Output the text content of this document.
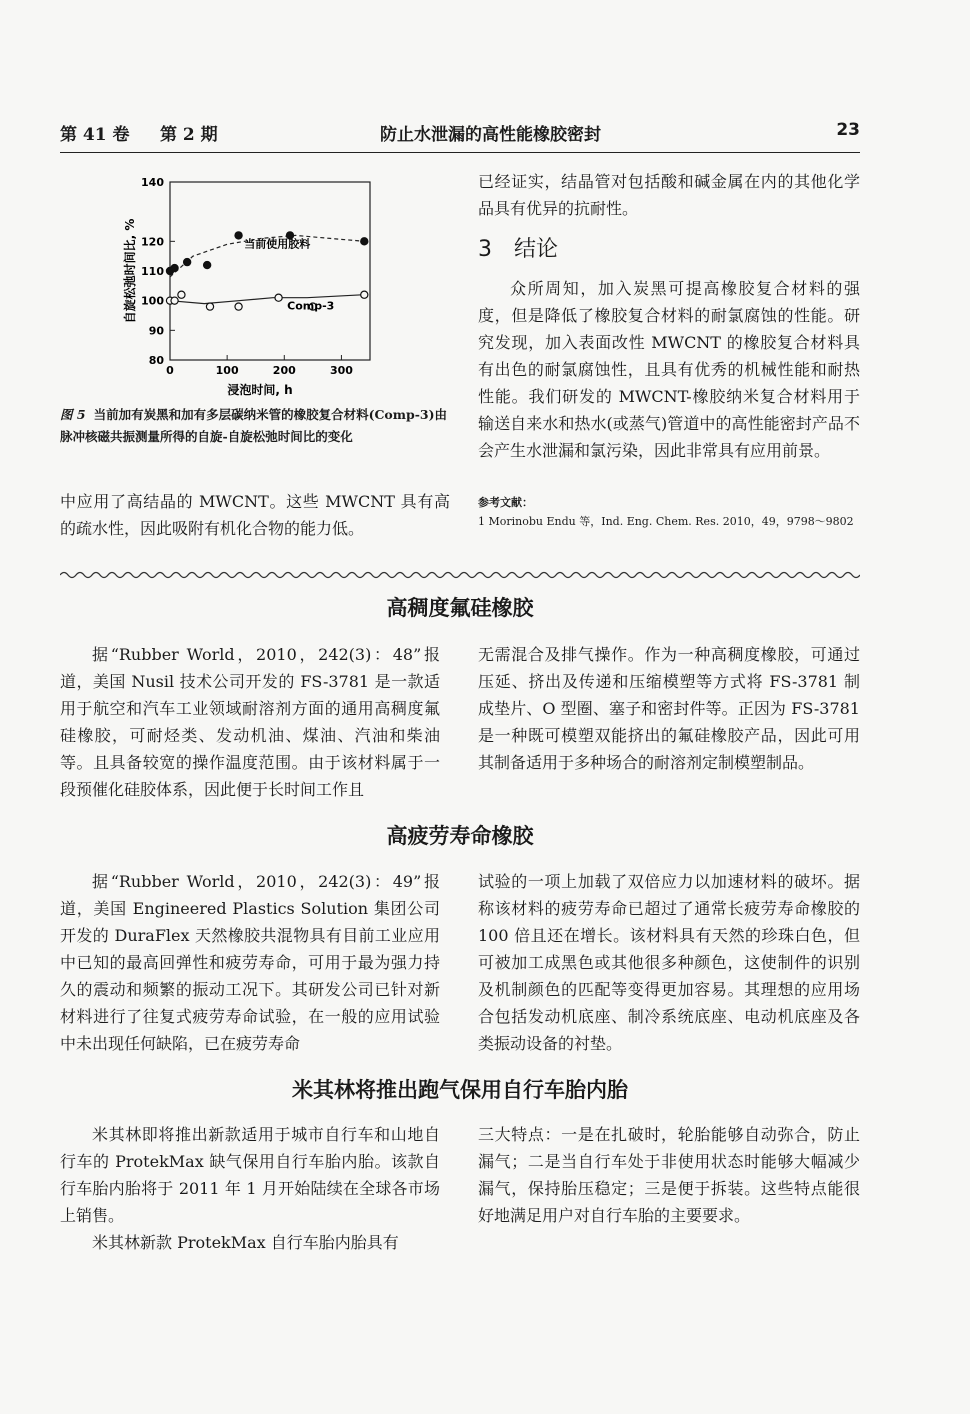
第 41 卷 第 2 期	防止水泄漏的高性能橡胶密封	23
80
90
100
110
120
140
0	100	200	300
浸泡时间, h
自旋松弛时间比, %	当前使用胶料
Comp-3
图 5 当前加有炭黑和加有多层碳纳米管的橡胶复合材料(Comp-3)由脉冲核磁共振测量所得的自旋-自旋松弛时间比的变化

中应用了高结晶的 MWCNT。这些 MWCNT 具有高的疏水性，因此吸附有机化合物的能力低。

已经证实，结晶管对包括酸和碱金属在内的其他化学品具有优异的抗耐性。

3　结论

众所周知，加入炭黑可提高橡胶复合材料的强度，但是降低了橡胶复合材料的耐氯腐蚀的性能。研究发现，加入表面改性 MWCNT 的橡胶复合材料具有出色的耐氯腐蚀性，且具有优秀的机械性能和耐热性能。我们研发的 MWCNT-橡胶纳米复合材料用于输送自来水和热水(或蒸气)管道中的高性能密封产品不会产生水泄漏和氯污染，因此非常具有应用前景。

参考文献：
1 Morinobu Endu 等，Ind. Eng. Chem. Res. 2010，49，9798～9802
高稠度氟硅橡胶

据“Rubber World，2010，242(3)：48”报道，美国 Nusil 技术公司开发的 FS-3781 是一款适用于航空和汽车工业领域耐溶剂方面的通用高稠度氟硅橡胶，可耐烃类、发动机油、煤油、汽油和柴油等。且具备较宽的操作温度范围。由于该材料属于一段预催化硅胶体系，因此便于长时间工作且

无需混合及排气操作。作为一种高稠度橡胶，可通过压延、挤出及传递和压缩模塑等方式将 FS-3781 制成垫片、O 型圈、塞子和密封件等。正因为 FS-3781 是一种既可模塑双能挤出的氟硅橡胶产品，因此可用其制备适用于多种场合的耐溶剂定制模塑制品。

高疲劳寿命橡胶

据“Rubber World，2010，242(3)：49”报道，美国 Engineered Plastics Solution 集团公司开发的 DuraFlex 天然橡胶共混物具有目前工业应用中已知的最高回弹性和疲劳寿命，可用于最为强力持久的震动和频繁的振动工况下。其研发公司已针对新材料进行了往复式疲劳寿命试验，在一般的应用试验中未出现任何缺陷，已在疲劳寿命

试验的一项上加载了双倍应力以加速材料的破坏。据称该材料的疲劳寿命已超过了通常长疲劳寿命橡胶的 100 倍且还在增长。该材料具有天然的珍珠白色，但可被加工成黑色或其他很多种颜色，这使制件的识别及机制颜色的匹配等变得更加容易。其理想的应用场合包括发动机底座、制冷系统底座、电动机底座及各类振动设备的衬垫。

米其林将推出跑气保用自行车胎内胎

米其林即将推出新款适用于城市自行车和山地自行车的 ProtekMax 缺气保用自行车胎内胎。该款自行车胎内胎将于 2011 年 1 月开始陆续在全球各市场上销售。

米其林新款 ProtekMax 自行车胎内胎具有

三大特点：一是在扎破时，轮胎能够自动弥合，防止漏气；二是当自行车处于非使用状态时能够大幅减少漏气，保持胎压稳定；三是便于拆装。这些特点能很好地满足用户对自行车胎的主要要求。
